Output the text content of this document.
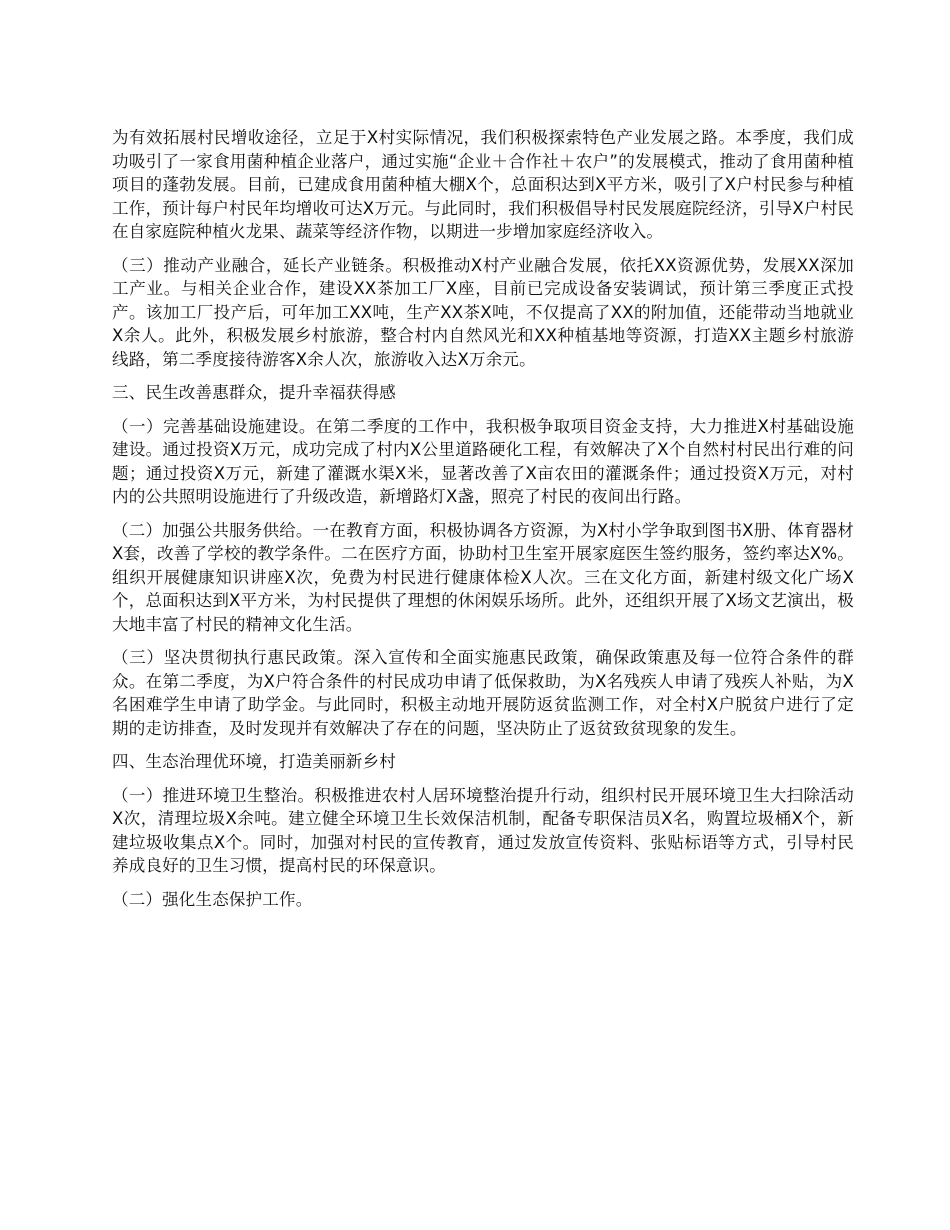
为有效拓展村民增收途径，立足于X村实际情况，我们积极探索特色产业发展之路。本季度，我们成功吸引了一家食用菌种植企业落户，通过实施“企业＋合作社＋农户”的发展模式，推动了食用菌种植项目的蓬勃发展。目前，已建成食用菌种植大棚X个，总面积达到X平方米，吸引了X户村民参与种植工作，预计每户村民年均增收可达X万元。与此同时，我们积极倡导村民发展庭院经济，引导X户村民在自家庭院种植火龙果、蔬菜等经济作物，以期进一步增加家庭经济收入。

（三）推动产业融合，延长产业链条。积极推动X村产业融合发展，依托XX资源优势，发展XX深加工产业。与相关企业合作，建设XX茶加工厂X座，目前已完成设备安装调试，预计第三季度正式投产。该加工厂投产后，可年加工XX吨，生产XX茶X吨，不仅提高了XX的附加值，还能带动当地就业X余人。此外，积极发展乡村旅游，整合村内自然风光和XX种植基地等资源，打造XX主题乡村旅游线路，第二季度接待游客X余人次，旅游收入达X万余元。

三、民生改善惠群众，提升幸福获得感

（一）完善基础设施建设。在第二季度的工作中，我积极争取项目资金支持，大力推进X村基础设施建设。通过投资X万元，成功完成了村内X公里道路硬化工程，有效解决了X个自然村村民出行难的问题；通过投资X万元，新建了灌溉水渠X米，显著改善了X亩农田的灌溉条件；通过投资X万元，对村内的公共照明设施进行了升级改造，新增路灯X盏，照亮了村民的夜间出行路。

（二）加强公共服务供给。一在教育方面，积极协调各方资源，为X村小学争取到图书X册、体育器材X套，改善了学校的教学条件。二在医疗方面，协助村卫生室开展家庭医生签约服务，签约率达X%。组织开展健康知识讲座X次，免费为村民进行健康体检X人次。三在文化方面，新建村级文化广场X个，总面积达到X平方米，为村民提供了理想的休闲娱乐场所。此外，还组织开展了X场文艺演出，极大地丰富了村民的精神文化生活。

（三）坚决贯彻执行惠民政策。深入宣传和全面实施惠民政策，确保政策惠及每一位符合条件的群众。在第二季度，为X户符合条件的村民成功申请了低保救助，为X名残疾人申请了残疾人补贴，为X名困难学生申请了助学金。与此同时，积极主动地开展防返贫监测工作，对全村X户脱贫户进行了定期的走访排查，及时发现并有效解决了存在的问题，坚决防止了返贫致贫现象的发生。

四、生态治理优环境，打造美丽新乡村

（一）推进环境卫生整治。积极推进农村人居环境整治提升行动，组织村民开展环境卫生大扫除活动X次，清理垃圾X余吨。建立健全环境卫生长效保洁机制，配备专职保洁员X名，购置垃圾桶X个，新建垃圾收集点X个。同时，加强对村民的宣传教育，通过发放宣传资料、张贴标语等方式，引导村民养成良好的卫生习惯，提高村民的环保意识。

（二）强化生态保护工作。
